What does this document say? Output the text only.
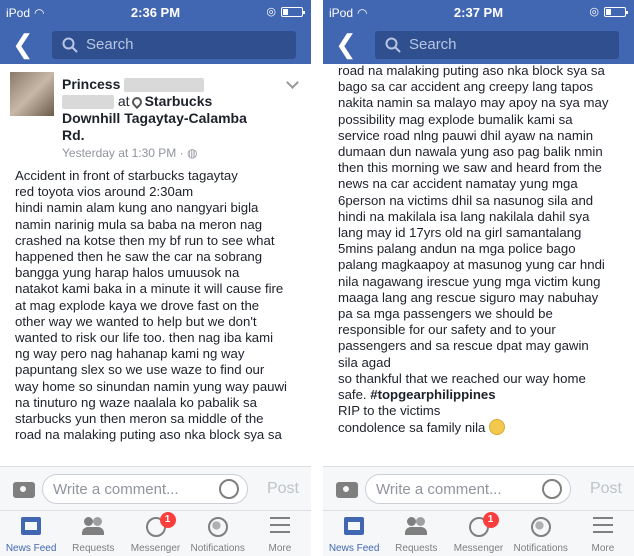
iPod ◠	2:36 PM	◎
❮	Search
Princess
at Starbucks
Downhill Tagaytay-Calamba
Rd.
Yesterday at 1:30 PM · ◍
Accident in front of starbucks tagaytay
red toyota vios around 2:30am
hindi namin alam kung ano nangyari bigla
namin narinig mula sa baba na meron nag
crashed na kotse then my bf run to see what
happened then he saw the car na sobrang
bangga yung harap halos umuusok na
natakot kami baka in a minute it will cause fire
at mag explode kaya we drove fast on the
other way we wanted to help but we don't
wanted to risk our life too. then nag iba kami
ng way pero nag hahanap kami ng way
papuntang slex so we use waze to find our
way home so sinundan namin yung way pauwi
na tinuturo ng waze naalala ko pabalik sa
starbucks yun then meron sa middle of the
road na malaking puting aso nka block sya sa
Write a comment...	Post
News Feed	Requests
1
Messenger	Notifications	More
iPod ◠	2:37 PM	◎
❮	Search
road na malaking puting aso nka block sya sa
bago sa car accident ang creepy lang tapos
nakita namin sa malayo may apoy na sya may
possibility mag explode bumalik kami sa
service road nlng pauwi dhil ayaw na namin
dumaan dun nawala yung aso pag balik nmin
then this morning we saw and heard from the
news na car accident namatay yung mga
6person na victims dhil sa nasunog sila and
hindi na makilala isa lang nakilala dahil sya
lang may id 17yrs old na girl samantalang
5mins palang andun na mga police bago
palang magkaapoy at masunog yung car hndi
nila nagawang irescue yung mga victim kung
maaga lang ang rescue siguro may nabuhay
pa sa mga passengers we should be
responsible for our safety and to your
passengers and sa rescue dpat may gawin
sila agad
so thankful that we reached our way home
safe. #topgearphilippines
RIP to the victims
condolence sa family nila
Write a comment...	Post
News Feed	Requests
1
Messenger	Notifications	More
